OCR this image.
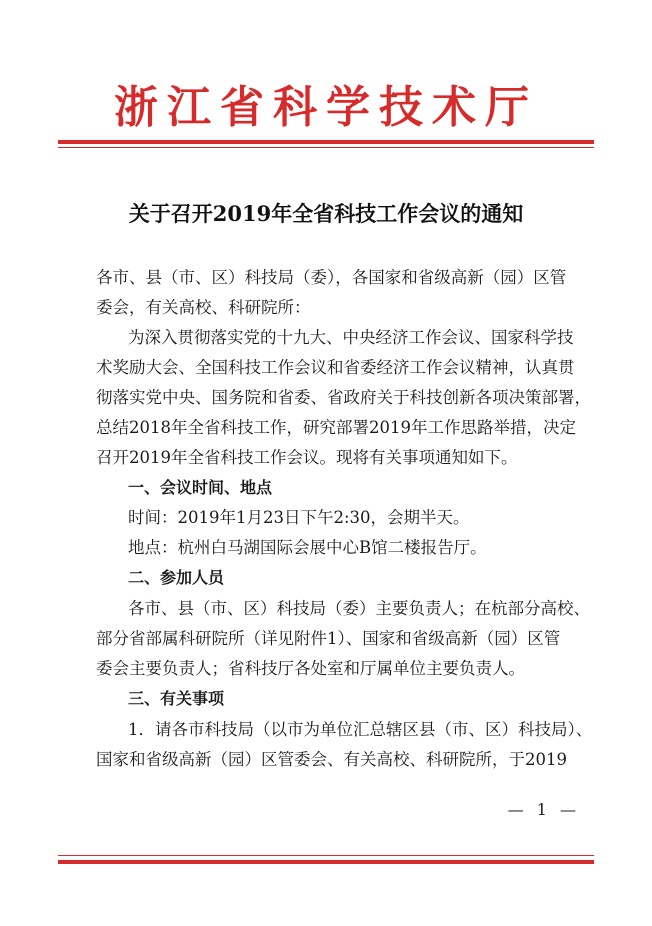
浙江省科学技术厅
关于召开2019年全省科技工作会议的通知
各市、县（市、区）科技局（委），各国家和省级高新（园）区管
委会，有关高校、科研院所：
为深入贯彻落实党的十九大、中央经济工作会议、国家科学技
术奖励大会、全国科技工作会议和省委经济工作会议精神，认真贯
彻落实党中央、国务院和省委、省政府关于科技创新各项决策部署，
总结2018年全省科技工作，研究部署2019年工作思路举措，决定
召开2019年全省科技工作会议。现将有关事项通知如下。
一、会议时间、地点
时间：2019年1月23日下午2:30，会期半天。
地点：杭州白马湖国际会展中心B馆二楼报告厅。
二、参加人员
各市、县（市、区）科技局（委）主要负责人；在杭部分高校、
部分省部属科研院所（详见附件1）、国家和省级高新（园）区管
委会主要负责人；省科技厅各处室和厅属单位主要负责人。
三、有关事项
1．请各市科技局（以市为单位汇总辖区县（市、区）科技局）、
国家和省级高新（园）区管委会、有关高校、科研院所，于2019
— 1 —
